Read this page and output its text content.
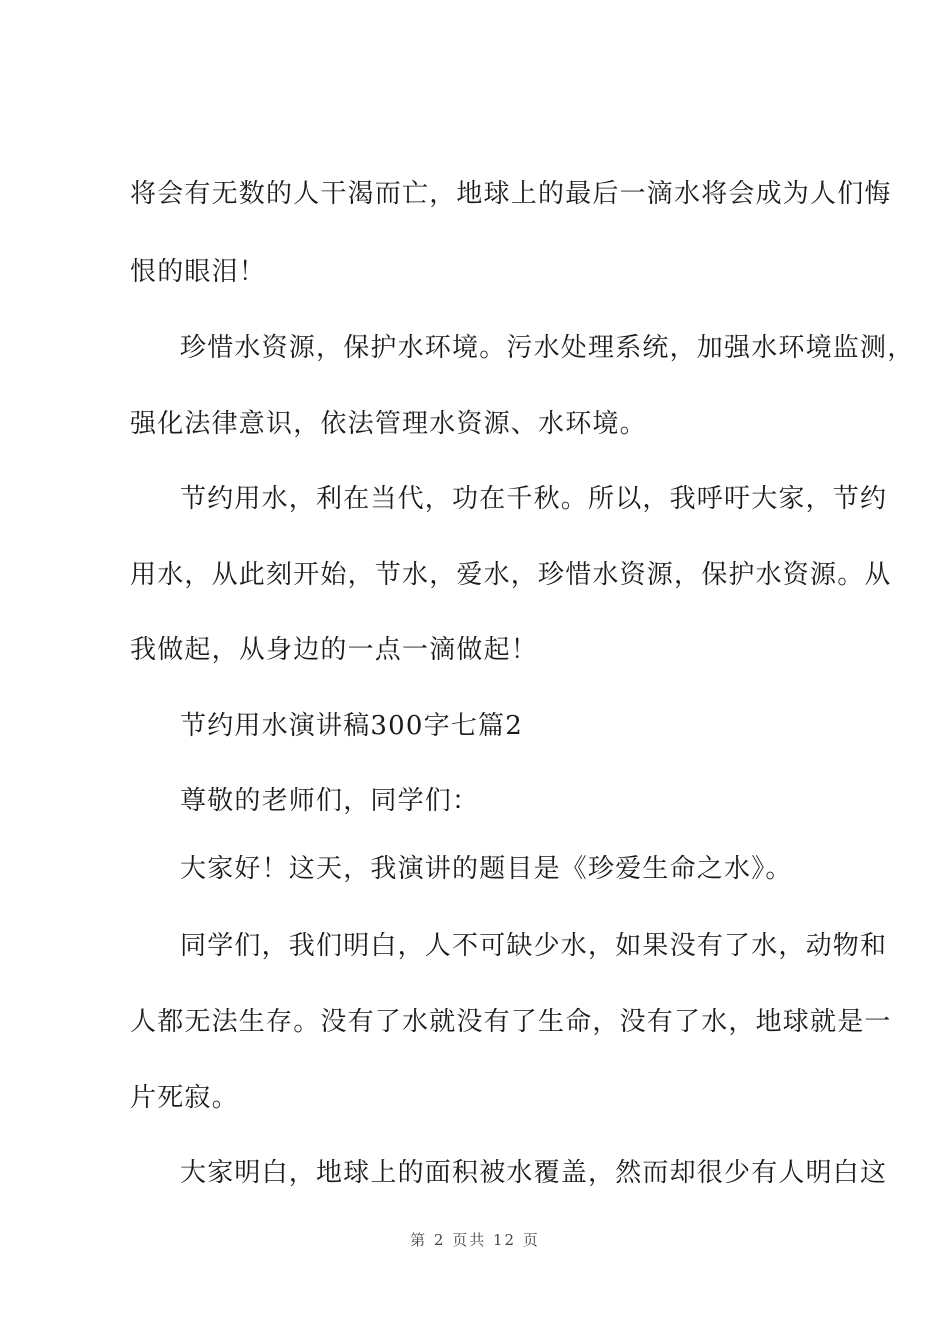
将会有无数的人干渴而亡，地球上的最后一滴水将会成为人们悔
恨的眼泪！
珍惜水资源，保护水环境。污水处理系统，加强水环境监测，
强化法律意识，依法管理水资源、水环境。
节约用水，利在当代，功在千秋。所以，我呼吁大家，节约
用水，从此刻开始，节水，爱水，珍惜水资源，保护水资源。从
我做起，从身边的一点一滴做起！
节约用水演讲稿300字七篇2
尊敬的老师们，同学们：
大家好！这天，我演讲的题目是《珍爱生命之水》。
同学们，我们明白，人不可缺少水，如果没有了水，动物和
人都无法生存。没有了水就没有了生命，没有了水，地球就是一
片死寂。
大家明白，地球上的面积被水覆盖，然而却很少有人明白这
第 2 页共 12 页
